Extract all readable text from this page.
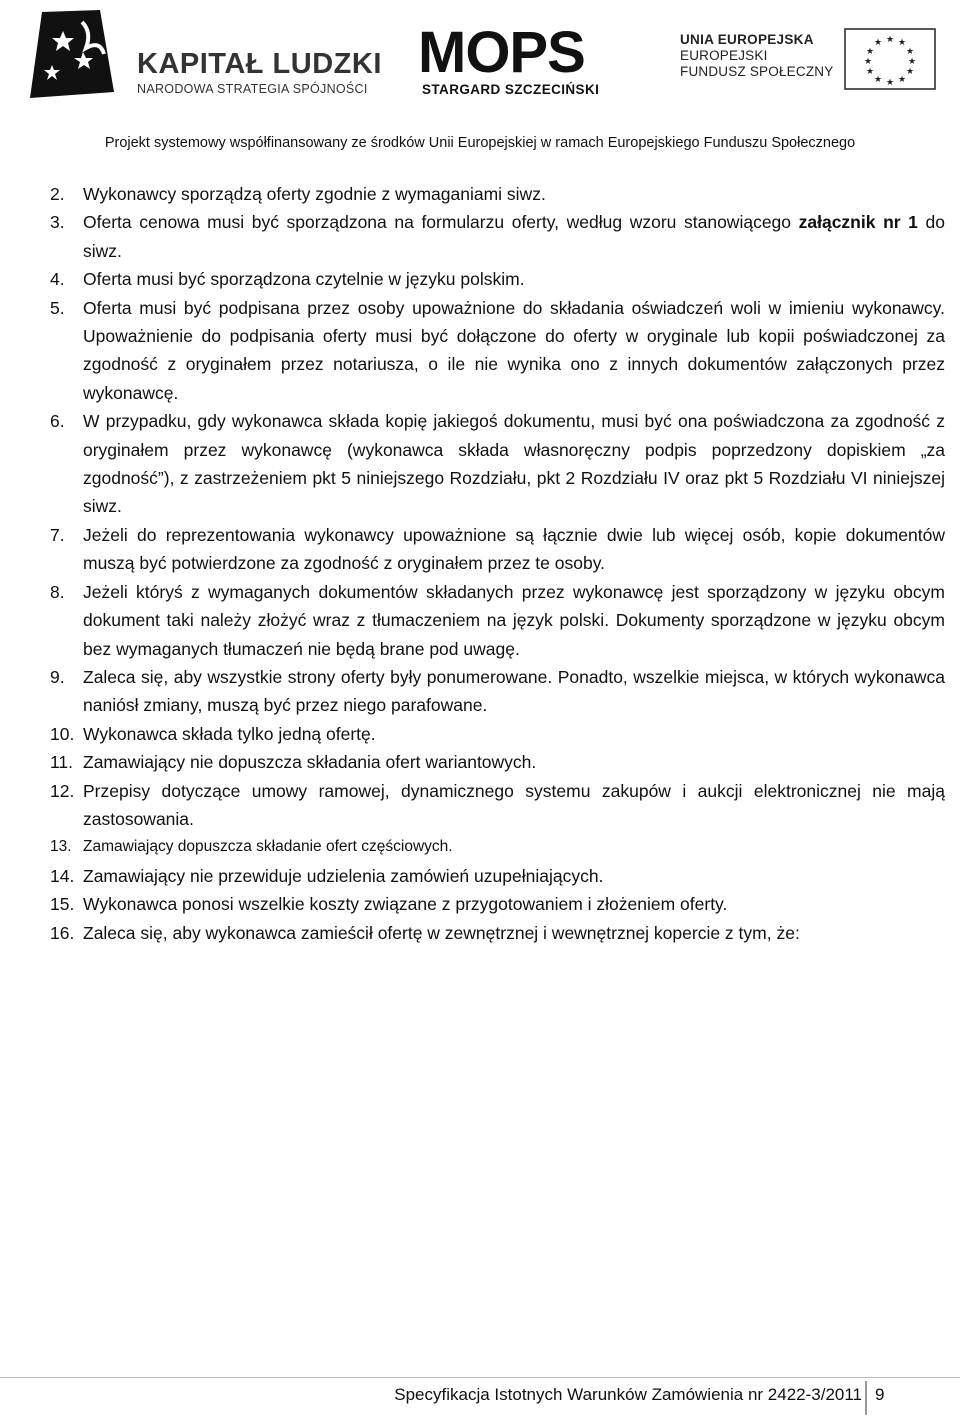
KAPITAŁ LUDZKI
NARODOWA STRATEGIA SPÓJNOŚCI
MOPS
STARGARD SZCZECIŃSKI
UNIA EUROPEJSKA
EUROPEJSKI
FUNDUSZ SPOŁECZNY
★ ★
★
★
★
★
★
★
★
★
★
★
Projekt systemowy współfinansowany ze środków Unii Europejskiej w ramach Europejskiego Funduszu Społecznego
2.	Wykonawcy sporządzą oferty zgodnie z wymaganiami siwz.
3.	Oferta cenowa musi być sporządzona na formularzu oferty, według wzoru stanowiącego załącznik nr 1 do siwz.
4.	Oferta musi być sporządzona czytelnie w języku polskim.
5.	Oferta musi być podpisana przez osoby upoważnione do składania oświadczeń woli w imieniu wykonawcy. Upoważnienie do podpisania oferty musi być dołączone do oferty w oryginale lub kopii poświadczonej za zgodność z oryginałem przez notariusza, o ile nie wynika ono z innych dokumentów załączonych przez wykonawcę.
6.	W przypadku, gdy wykonawca składa kopię jakiegoś dokumentu, musi być ona poświadczona za zgodność z oryginałem przez wykonawcę (wykonawca składa własnoręczny podpis poprzedzony dopiskiem „za zgodność”), z zastrzeżeniem pkt 5 niniejszego Rozdziału, pkt 2 Rozdziału IV oraz pkt 5 Rozdziału VI niniejszej siwz.
7.	Jeżeli do reprezentowania wykonawcy upoważnione są łącznie dwie lub więcej osób, kopie dokumentów muszą być potwierdzone za zgodność z oryginałem przez te osoby.
8.	Jeżeli któryś z wymaganych dokumentów składanych przez wykonawcę jest sporządzony w języku obcym dokument taki należy złożyć wraz z tłumaczeniem na język polski. Dokumenty sporządzone w języku obcym bez wymaganych tłumaczeń nie będą brane pod uwagę.
9.	Zaleca się, aby wszystkie strony oferty były ponumerowane. Ponadto, wszelkie miejsca, w których wykonawca naniósł zmiany, muszą być przez niego parafowane.
10. Wykonawca składa tylko jedną ofertę.
11. Zamawiający nie dopuszcza składania ofert wariantowych.
12. Przepisy dotyczące umowy ramowej, dynamicznego systemu zakupów i aukcji elektronicznej nie mają zastosowania.
13. Zamawiający dopuszcza składanie ofert częściowych.
14. Zamawiający nie przewiduje udzielenia zamówień uzupełniających.
15. Wykonawca ponosi wszelkie koszty związane z przygotowaniem i złożeniem oferty.
16. Zaleca się, aby wykonawca zamieścił ofertę w zewnętrznej i wewnętrznej kopercie z tym, że:
Specyfikacja Istotnych Warunków Zamówienia nr 2422-3/2011 9
